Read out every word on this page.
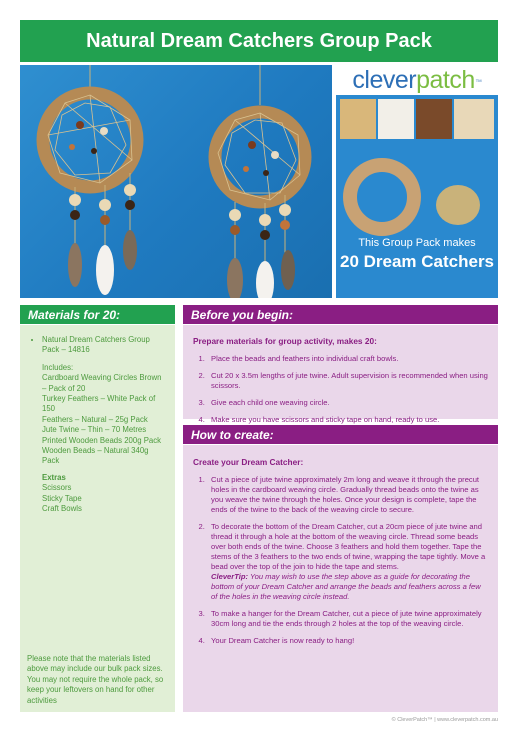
Natural Dream Catchers Group Pack
cleverpatch TM
This Group Pack makes
20 Dream Catchers
Materials for 20:
• Natural Dream Catchers Group Pack – 14816
Includes:
Cardboard Weaving Circles Brown – Pack of 20
Turkey Feathers – White Pack of 150
Feathers – Natural – 25g Pack
Jute Twine – Thin – 70 Metres
Printed Wooden Beads 200g Pack
Wooden Beads – Natural 340g Pack
Extras
Scissors
Sticky Tape
Craft Bowls
Please note that the materials listed above may include our bulk pack sizes. You may not require the whole pack, so keep your leftovers on hand for other activities
Before you begin:
Prepare materials for group activity, makes 20:
1. Place the beads and feathers into individual craft bowls.
2. Cut 20 x 3.5m lengths of jute twine. Adult supervision is recommended when using scissors.
3. Give each child one weaving circle.
4. Make sure you have scissors and sticky tape on hand, ready to use.
How to create:
Create your Dream Catcher:
1. Cut a piece of jute twine approximately 2m long and weave it through the precut holes in the cardboard weaving circle. Gradually thread beads onto the twine as you weave the twine through the holes. Once your design is complete, tape the ends of the twine to the back of the weaving circle to secure.
2. To decorate the bottom of the Dream Catcher, cut a 20cm piece of jute twine and thread it through a hole at the bottom of the weaving circle. Thread some beads over both ends of the twine. Choose 3 feathers and hold them together. Tape the stems of the 3 feathers to the two ends of twine, wrapping the tape tightly. Move a bead over the top of the join to hide the tape and stems.
CleverTip: You may wish to use the step above as a guide for decorating the bottom of your Dream Catcher and arrange the beads and feathers across a few of the holes in the weaving circle instead.
3. To make a hanger for the Dream Catcher, cut a piece of jute twine approximately 30cm long and tie the ends through 2 holes at the top of the weaving circle.
4. Your Dream Catcher is now ready to hang!
© CleverPatch™ | www.cleverpatch.com.au
